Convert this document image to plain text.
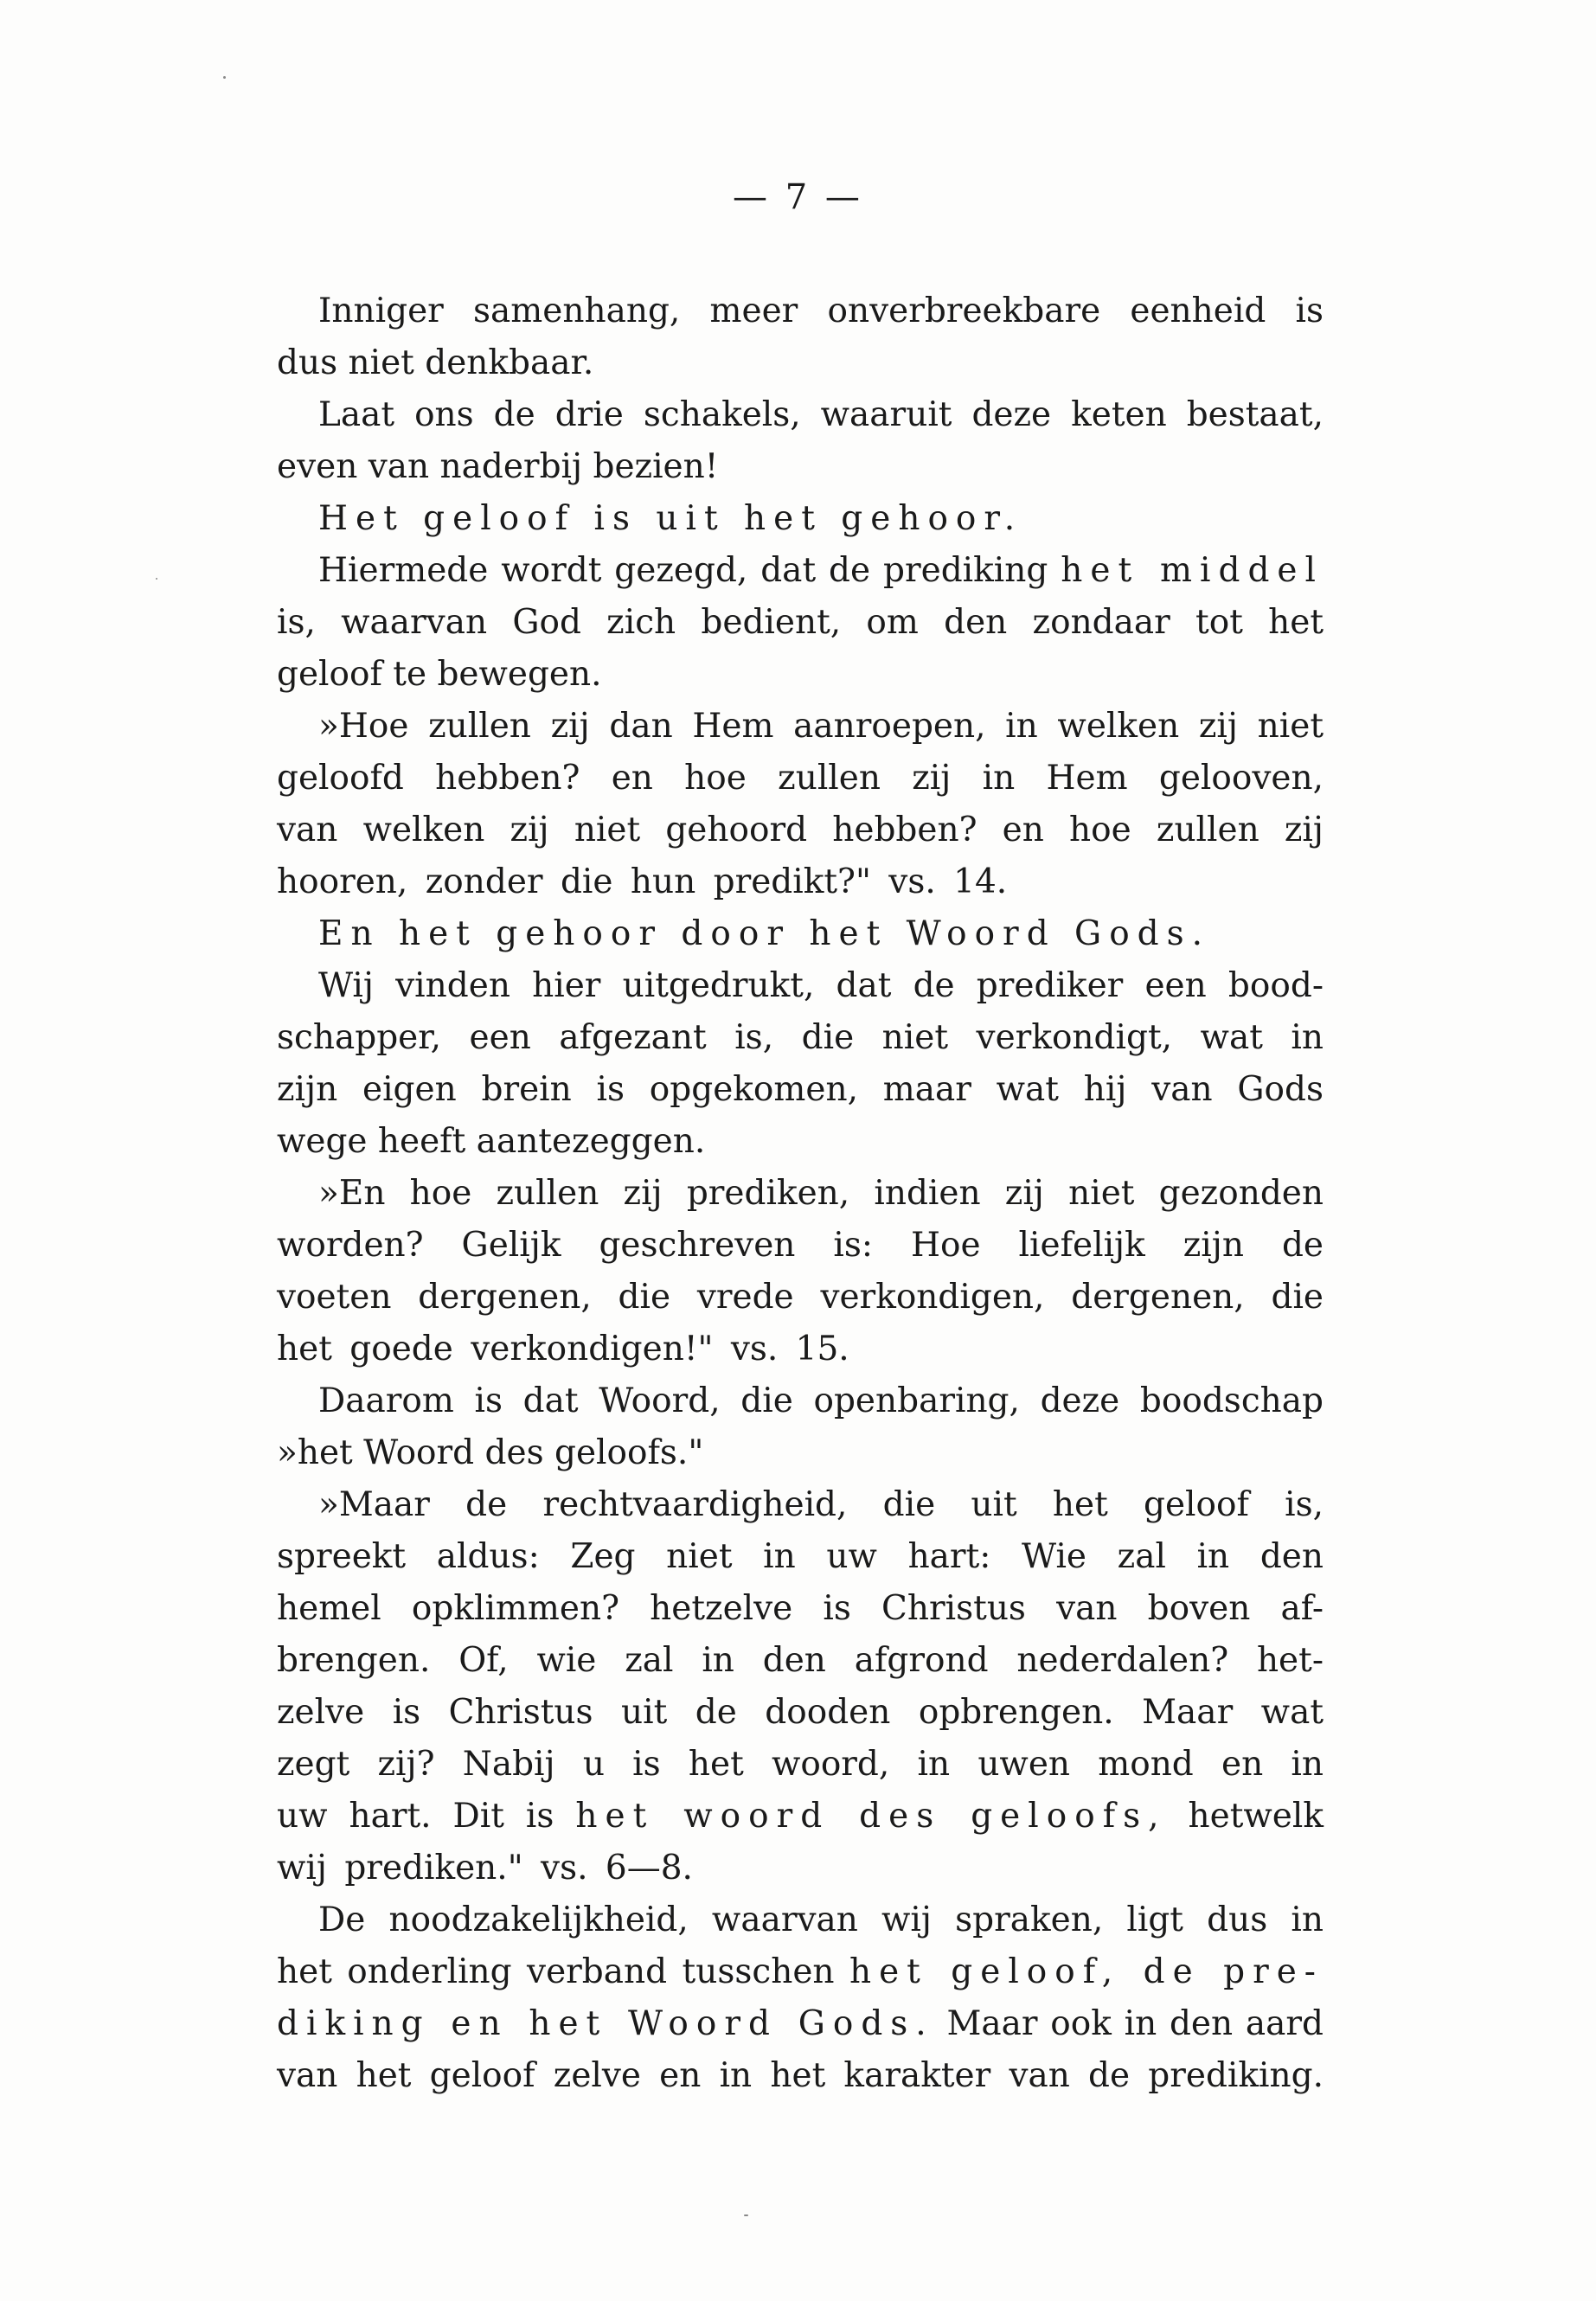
— 7 —
Inniger samenhang, meer onverbreekbare eenheid is
dus niet denkbaar.
Laat ons de drie schakels, waaruit deze keten bestaat,
even van naderbij bezien!
Het geloof is uit het gehoor.
Hiermede wordt gezegd, dat de prediking het middel
is, waarvan God zich bedient, om den zondaar tot het
geloof te bewegen.
»Hoe zullen zij dan Hem aanroepen, in welken zij niet
geloofd hebben? en hoe zullen zij in Hem gelooven,
van welken zij niet gehoord hebben? en hoe zullen zij
hooren, zonder die hun predikt?" vs. 14.
En het gehoor door het Woord Gods.
Wij vinden hier uitgedrukt, dat de prediker een bood-
schapper, een afgezant is, die niet verkondigt, wat in
zijn eigen brein is opgekomen, maar wat hij van Gods
wege heeft aantezeggen.
»En hoe zullen zij prediken, indien zij niet gezonden
worden? Gelijk geschreven is: Hoe liefelijk zijn de
voeten dergenen, die vrede verkondigen, dergenen, die
het goede verkondigen!" vs. 15.
Daarom is dat Woord, die openbaring, deze boodschap
»het Woord des geloofs."
»Maar de rechtvaardigheid, die uit het geloof is,
spreekt aldus: Zeg niet in uw hart: Wie zal in den
hemel opklimmen? hetzelve is Christus van boven af-
brengen. Of, wie zal in den afgrond nederdalen? het-
zelve is Christus uit de dooden opbrengen. Maar wat
zegt zij? Nabij u is het woord, in uwen mond en in
uw hart. Dit is het woord des geloofs, hetwelk
wij prediken." vs. 6—8.
De noodzakelijkheid, waarvan wij spraken, ligt dus in
het onderling verband tusschen het geloof, de pre-
diking en het Woord Gods. Maar ook in den aard
van het geloof zelve en in het karakter van de prediking.
